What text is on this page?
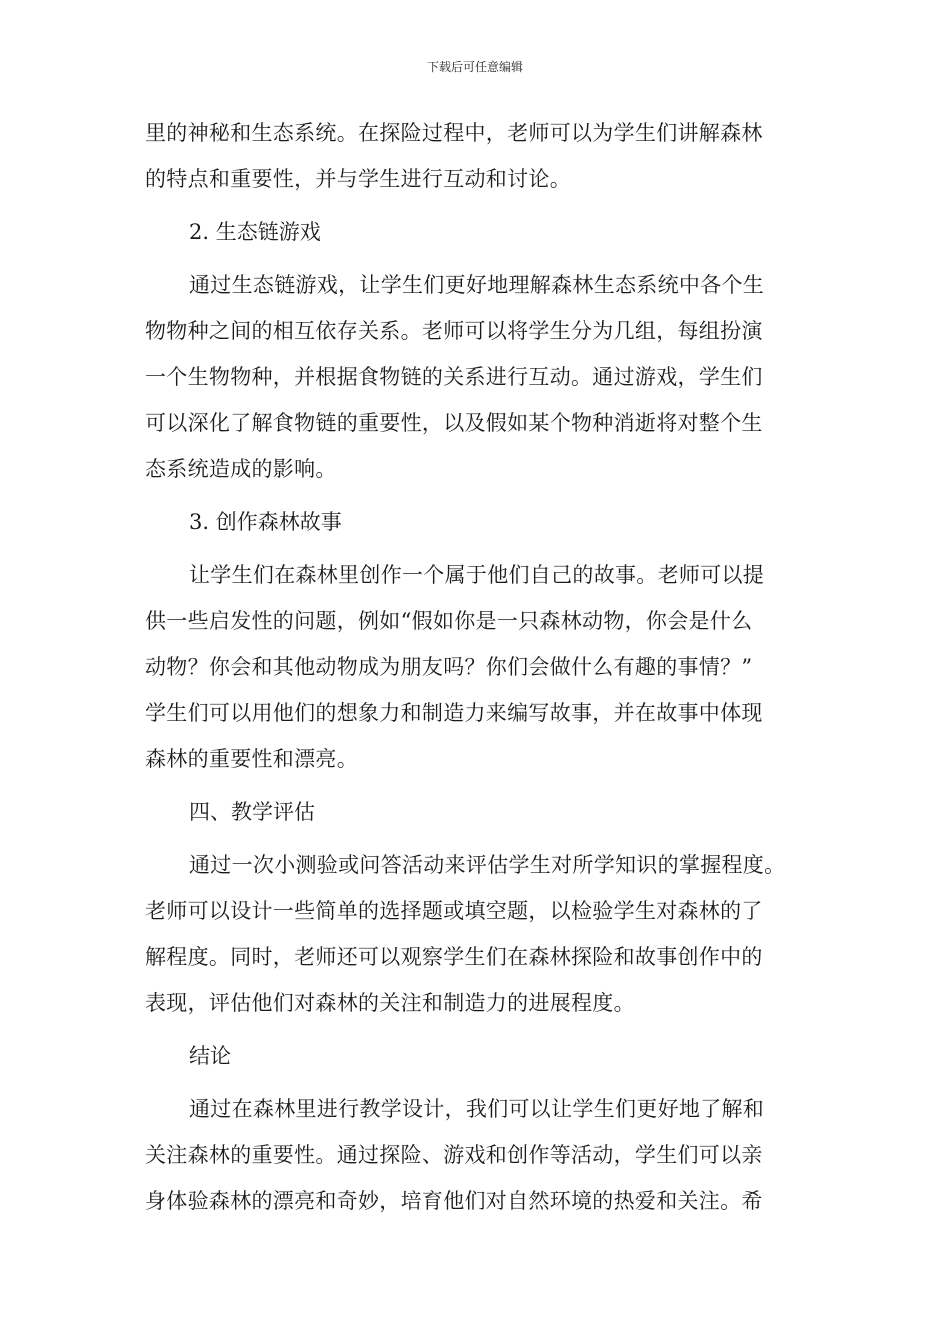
下载后可任意编辑
里的神秘和生态系统。在探险过程中，老师可以为学生们讲解森林
的特点和重要性，并与学生进行互动和讨论。
2. 生态链游戏
通过生态链游戏，让学生们更好地理解森林生态系统中各个生
物物种之间的相互依存关系。老师可以将学生分为几组，每组扮演
一个生物物种，并根据食物链的关系进行互动。通过游戏，学生们
可以深化了解食物链的重要性，以及假如某个物种消逝将对整个生
态系统造成的影响。
3. 创作森林故事
让学生们在森林里创作一个属于他们自己的故事。老师可以提
供一些启发性的问题，例如“假如你是一只森林动物，你会是什么
动物？你会和其他动物成为朋友吗？你们会做什么有趣的事情？”
学生们可以用他们的想象力和制造力来编写故事，并在故事中体现
森林的重要性和漂亮。
四、教学评估
通过一次小测验或问答活动来评估学生对所学知识的掌握程度。
老师可以设计一些简单的选择题或填空题，以检验学生对森林的了
解程度。同时，老师还可以观察学生们在森林探险和故事创作中的
表现，评估他们对森林的关注和制造力的进展程度。
结论
通过在森林里进行教学设计，我们可以让学生们更好地了解和
关注森林的重要性。通过探险、游戏和创作等活动，学生们可以亲
身体验森林的漂亮和奇妙，培育他们对自然环境的热爱和关注。希
